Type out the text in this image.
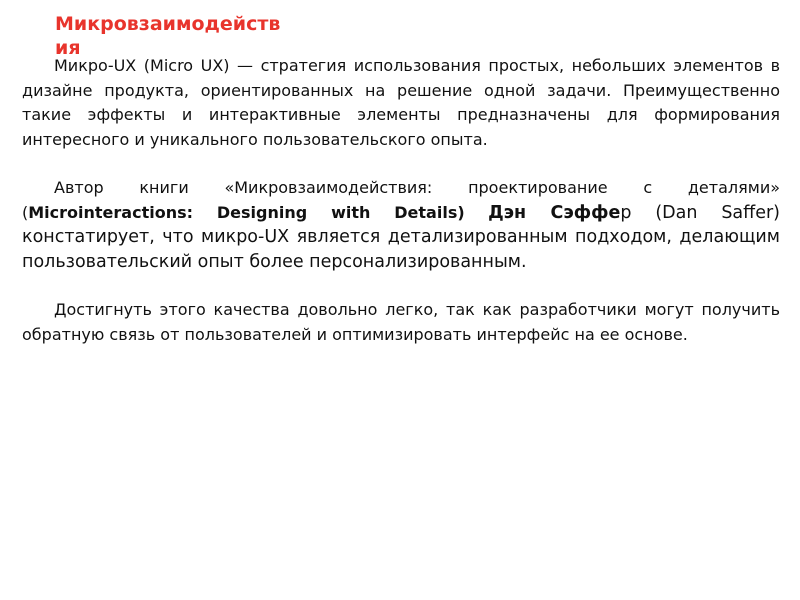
Микровзаимодействия

Микро-UX (Micro UX) — стратегия использования простых, небольших элементов в дизайне продукта, ориентированных на решение одной задачи. Преимущественно такие эффекты и интерактивные элементы предназначены для формирования интересного и уникального пользовательского опыта.

Автор книги «Микровзаимодействия: проектирование с деталями» (Microinteractions: Designing with Details) Дэн Сэффер (Dan Saffer) констатирует, что микро-UX является детализированным подходом, делающим пользовательский опыт более персонализированным.

Достигнуть этого качества довольно легко, так как разработчики могут получить обратную связь от пользователей и оптимизировать интерфейс на ее основе.
